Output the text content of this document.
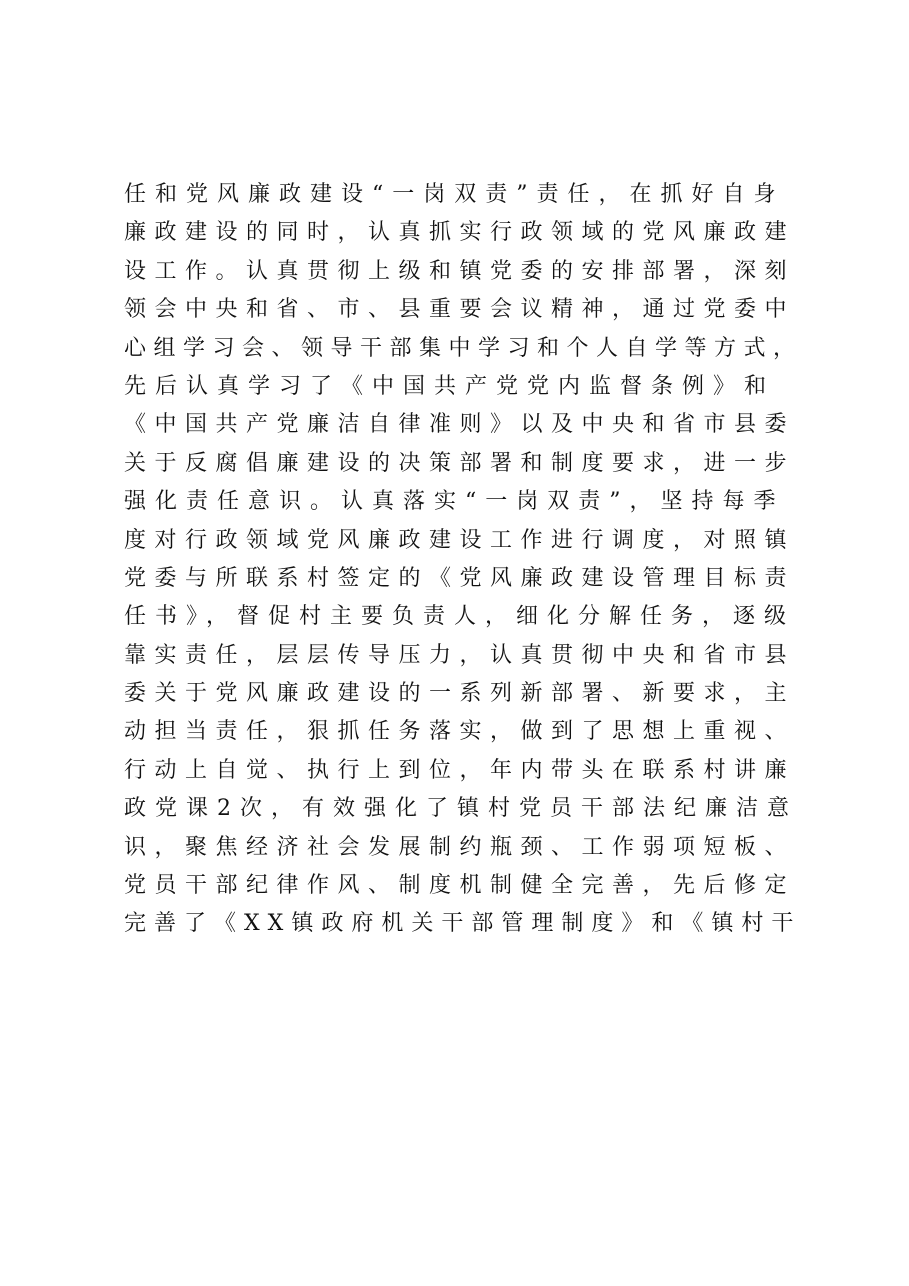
任和党风廉政建设“一岗双责”责任，在抓好自身
廉政建设的同时，认真抓实行政领域的党风廉政建
设工作。认真贯彻上级和镇党委的安排部署，深刻
领会中央和省、市、县重要会议精神，通过党委中
心组学习会、领导干部集中学习和个人自学等方式，
先后认真学习了《中国共产党党内监督条例》和
《中国共产党廉洁自律准则》以及中央和省市县委
关于反腐倡廉建设的决策部署和制度要求，进一步
强化责任意识。认真落实“一岗双责”，坚持每季
度对行政领域党风廉政建设工作进行调度，对照镇
党委与所联系村签定的《党风廉政建设管理目标责
任书》，督促村主要负责人，细化分解任务，逐级
靠实责任，层层传导压力，认真贯彻中央和省市县
委关于党风廉政建设的一系列新部署、新要求，主
动担当责任，狠抓任务落实，做到了思想上重视、
行动上自觉、执行上到位，年内带头在联系村讲廉
政党课2次，有效强化了镇村党员干部法纪廉洁意
识，聚焦经济社会发展制约瓶颈、工作弱项短板、
党员干部纪律作风、制度机制健全完善，先后修定
完善了《XX镇政府机关干部管理制度》和《镇村干
